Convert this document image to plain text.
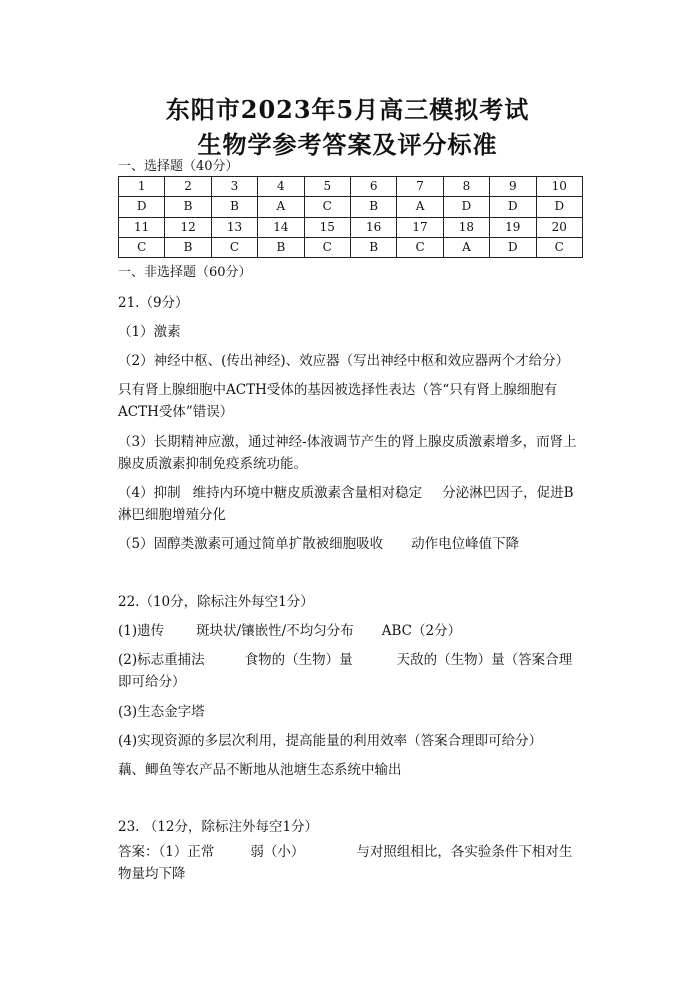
东阳市2023年5月高三模拟考试
生物学参考答案及评分标准
一、选择题（40分）
1	2	3	4	5	6	7	8	9	10
D	B	B	A	C	B	A	D	D	D
11	12	13	14	15	16	17	18	19	20
C	B	C	B	C	B	C	A	D	C
一、非选择题（60分）
21.（9分）
（1）激素
（2）神经中枢、(传出神经)、效应器（写出神经中枢和效应器两个才给分）
只有肾上腺细胞中ACTH受体的基因被选择性表达（答“只有肾上腺细胞有ACTH受体”错误）
（3）长期精神应激，通过神经-体液调节产生的肾上腺皮质激素增多，而肾上腺皮质激素抑制免疫系统功能。
（4）抑制 维持内环境中糖皮质激素含量相对稳定 分泌淋巴因子，促进B淋巴细胞增殖分化
（5）固醇类激素可通过简单扩散被细胞吸收 动作电位峰值下降
22.（10分，除标注外每空1分）
(1)遗传 斑块状/镶嵌性/不均匀分布 ABC（2分）
(2)标志重捕法	食物的（生物）量	天敌的（生物）量（答案合理即可给分）
(3)生态金字塔
(4)实现资源的多层次利用，提高能量的利用效率（答案合理即可给分）
藕、鲫鱼等农产品不断地从池塘生态系统中输出
23. （12分，除标注外每空1分）
答案：（1）正常	弱（小）	与对照组相比，各实验条件下相对生物量均下降
